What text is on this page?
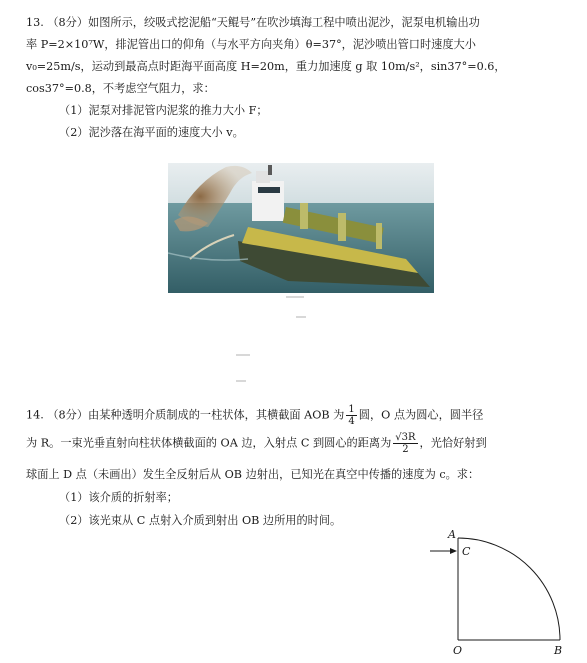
13. （8分）如图所示，绞吸式挖泥船“天鲲号”在吹沙填海工程中喷出泥沙，泥泵电机输出功
率 P=2×10⁷W，排泥管出口的仰角（与水平方向夹角）θ=37°，泥沙喷出管口时速度大小
v₀=25m/s，运动到最高点时距海平面高度 H=20m，重力加速度 g 取 10m/s²，sin37°=0.6，
cos37°=0.8，不考虑空气阻力，求：
（1）泥泵对排泥管内泥浆的推力大小 F；
（2）泥沙落在海平面的速度大小 v。
14. （8分）由某种透明介质制成的一柱状体，其横截面 AOB 为 $\frac{1}{4}$ 圆，O 点为圆心，圆半径
为 R。一束光垂直射向柱状体横截面的 OA 边，入射点 C 到圆心的距离为 $\frac{√3R}{2}$ ，光恰好射到
球面上 D 点（未画出）发生全反射后从 OB 边射出，已知光在真空中传播的速度为 c。求：
（1）该介质的折射率；
（2）该光束从 C 点射入介质到射出 OB 边所用的时间。
A
C
O	B
